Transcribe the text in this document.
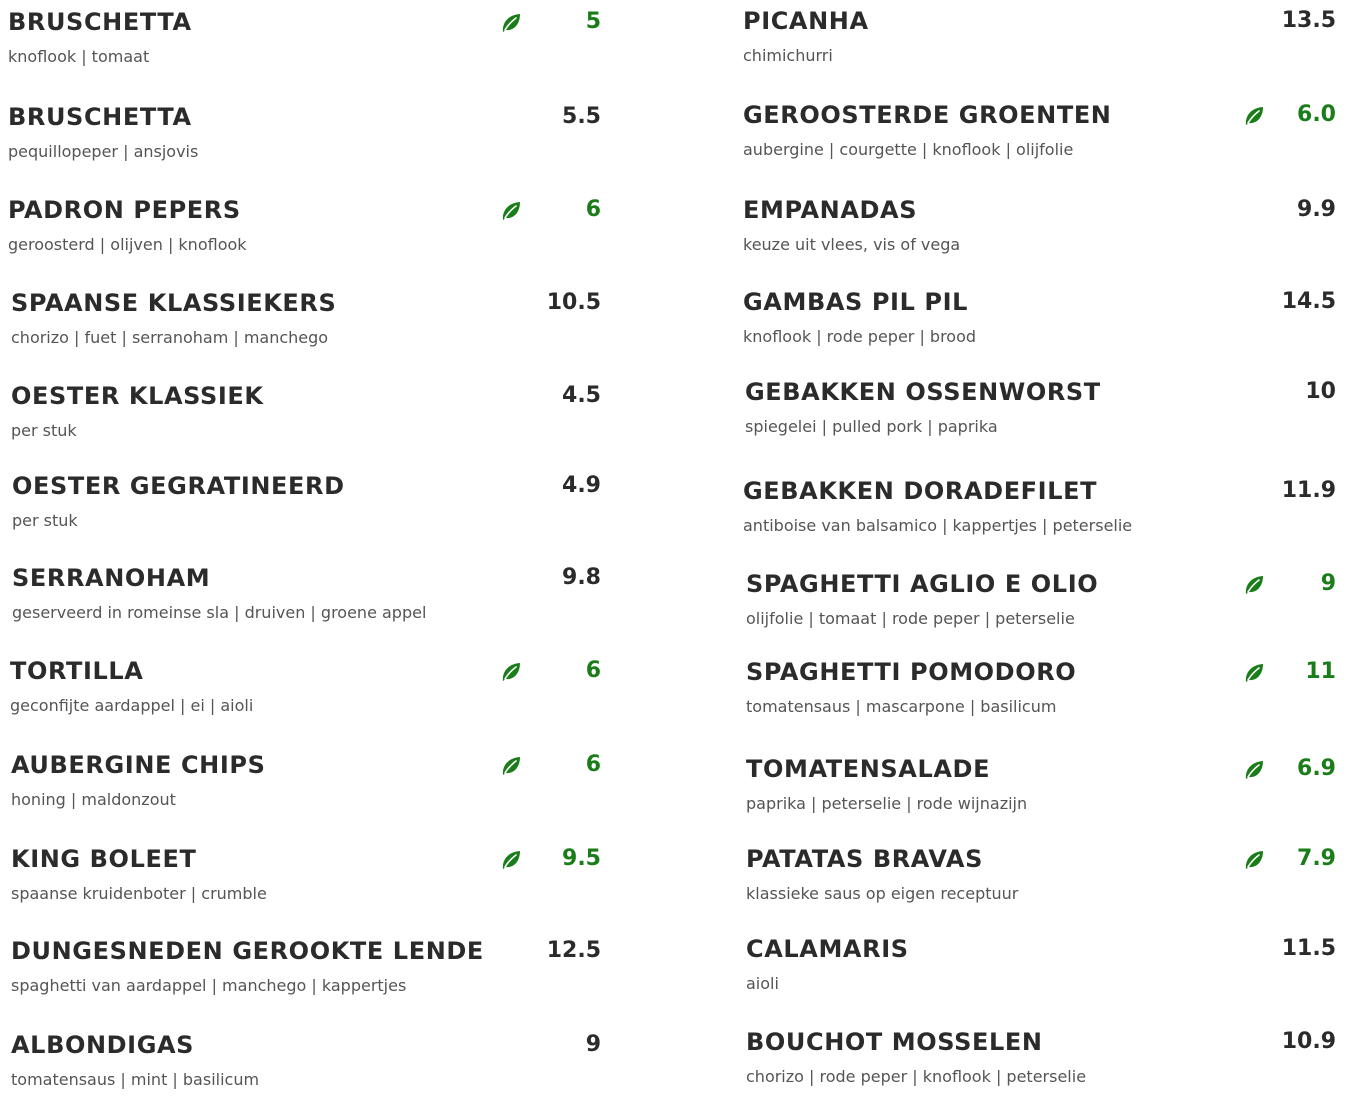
BRUSCHETTA
knoflook | tomaat
5
BRUSCHETTA
pequillopeper | ansjovis
5.5
PADRON PEPERS
geroosterd | olijven | knoflook
6
SPAANSE KLASSIEKERS
chorizo | fuet | serranoham | manchego
10.5
OESTER KLASSIEK
per stuk
4.5
OESTER GEGRATINEERD
per stuk
4.9
SERRANOHAM
geserveerd in romeinse sla | druiven | groene appel
9.8
TORTILLA
geconfijte aardappel | ei | aioli
6
AUBERGINE CHIPS
honing | maldonzout
6
KING BOLEET
spaanse kruidenboter | crumble
9.5
DUNGESNEDEN GEROOKTE LENDE
spaghetti van aardappel | manchego | kappertjes
12.5
ALBONDIGAS
tomatensaus | mint | basilicum
9
PICANHA
chimichurri
13.5
GEROOSTERDE GROENTEN
aubergine | courgette | knoflook | olijfolie
6.0
EMPANADAS
keuze uit vlees, vis of vega
9.9
GAMBAS PIL PIL
knoflook | rode peper | brood
14.5
GEBAKKEN OSSENWORST
spiegelei | pulled pork | paprika
10
GEBAKKEN DORADEFILET
antiboise van balsamico | kappertjes | peterselie
11.9
SPAGHETTI AGLIO E OLIO
olijfolie | tomaat | rode peper | peterselie
9
SPAGHETTI POMODORO
tomatensaus | mascarpone | basilicum
11
TOMATENSALADE
paprika | peterselie | rode wijnazijn
6.9
PATATAS BRAVAS
klassieke saus op eigen receptuur
7.9
CALAMARIS
aioli
11.5
BOUCHOT MOSSELEN
chorizo | rode peper | knoflook | peterselie
10.9
